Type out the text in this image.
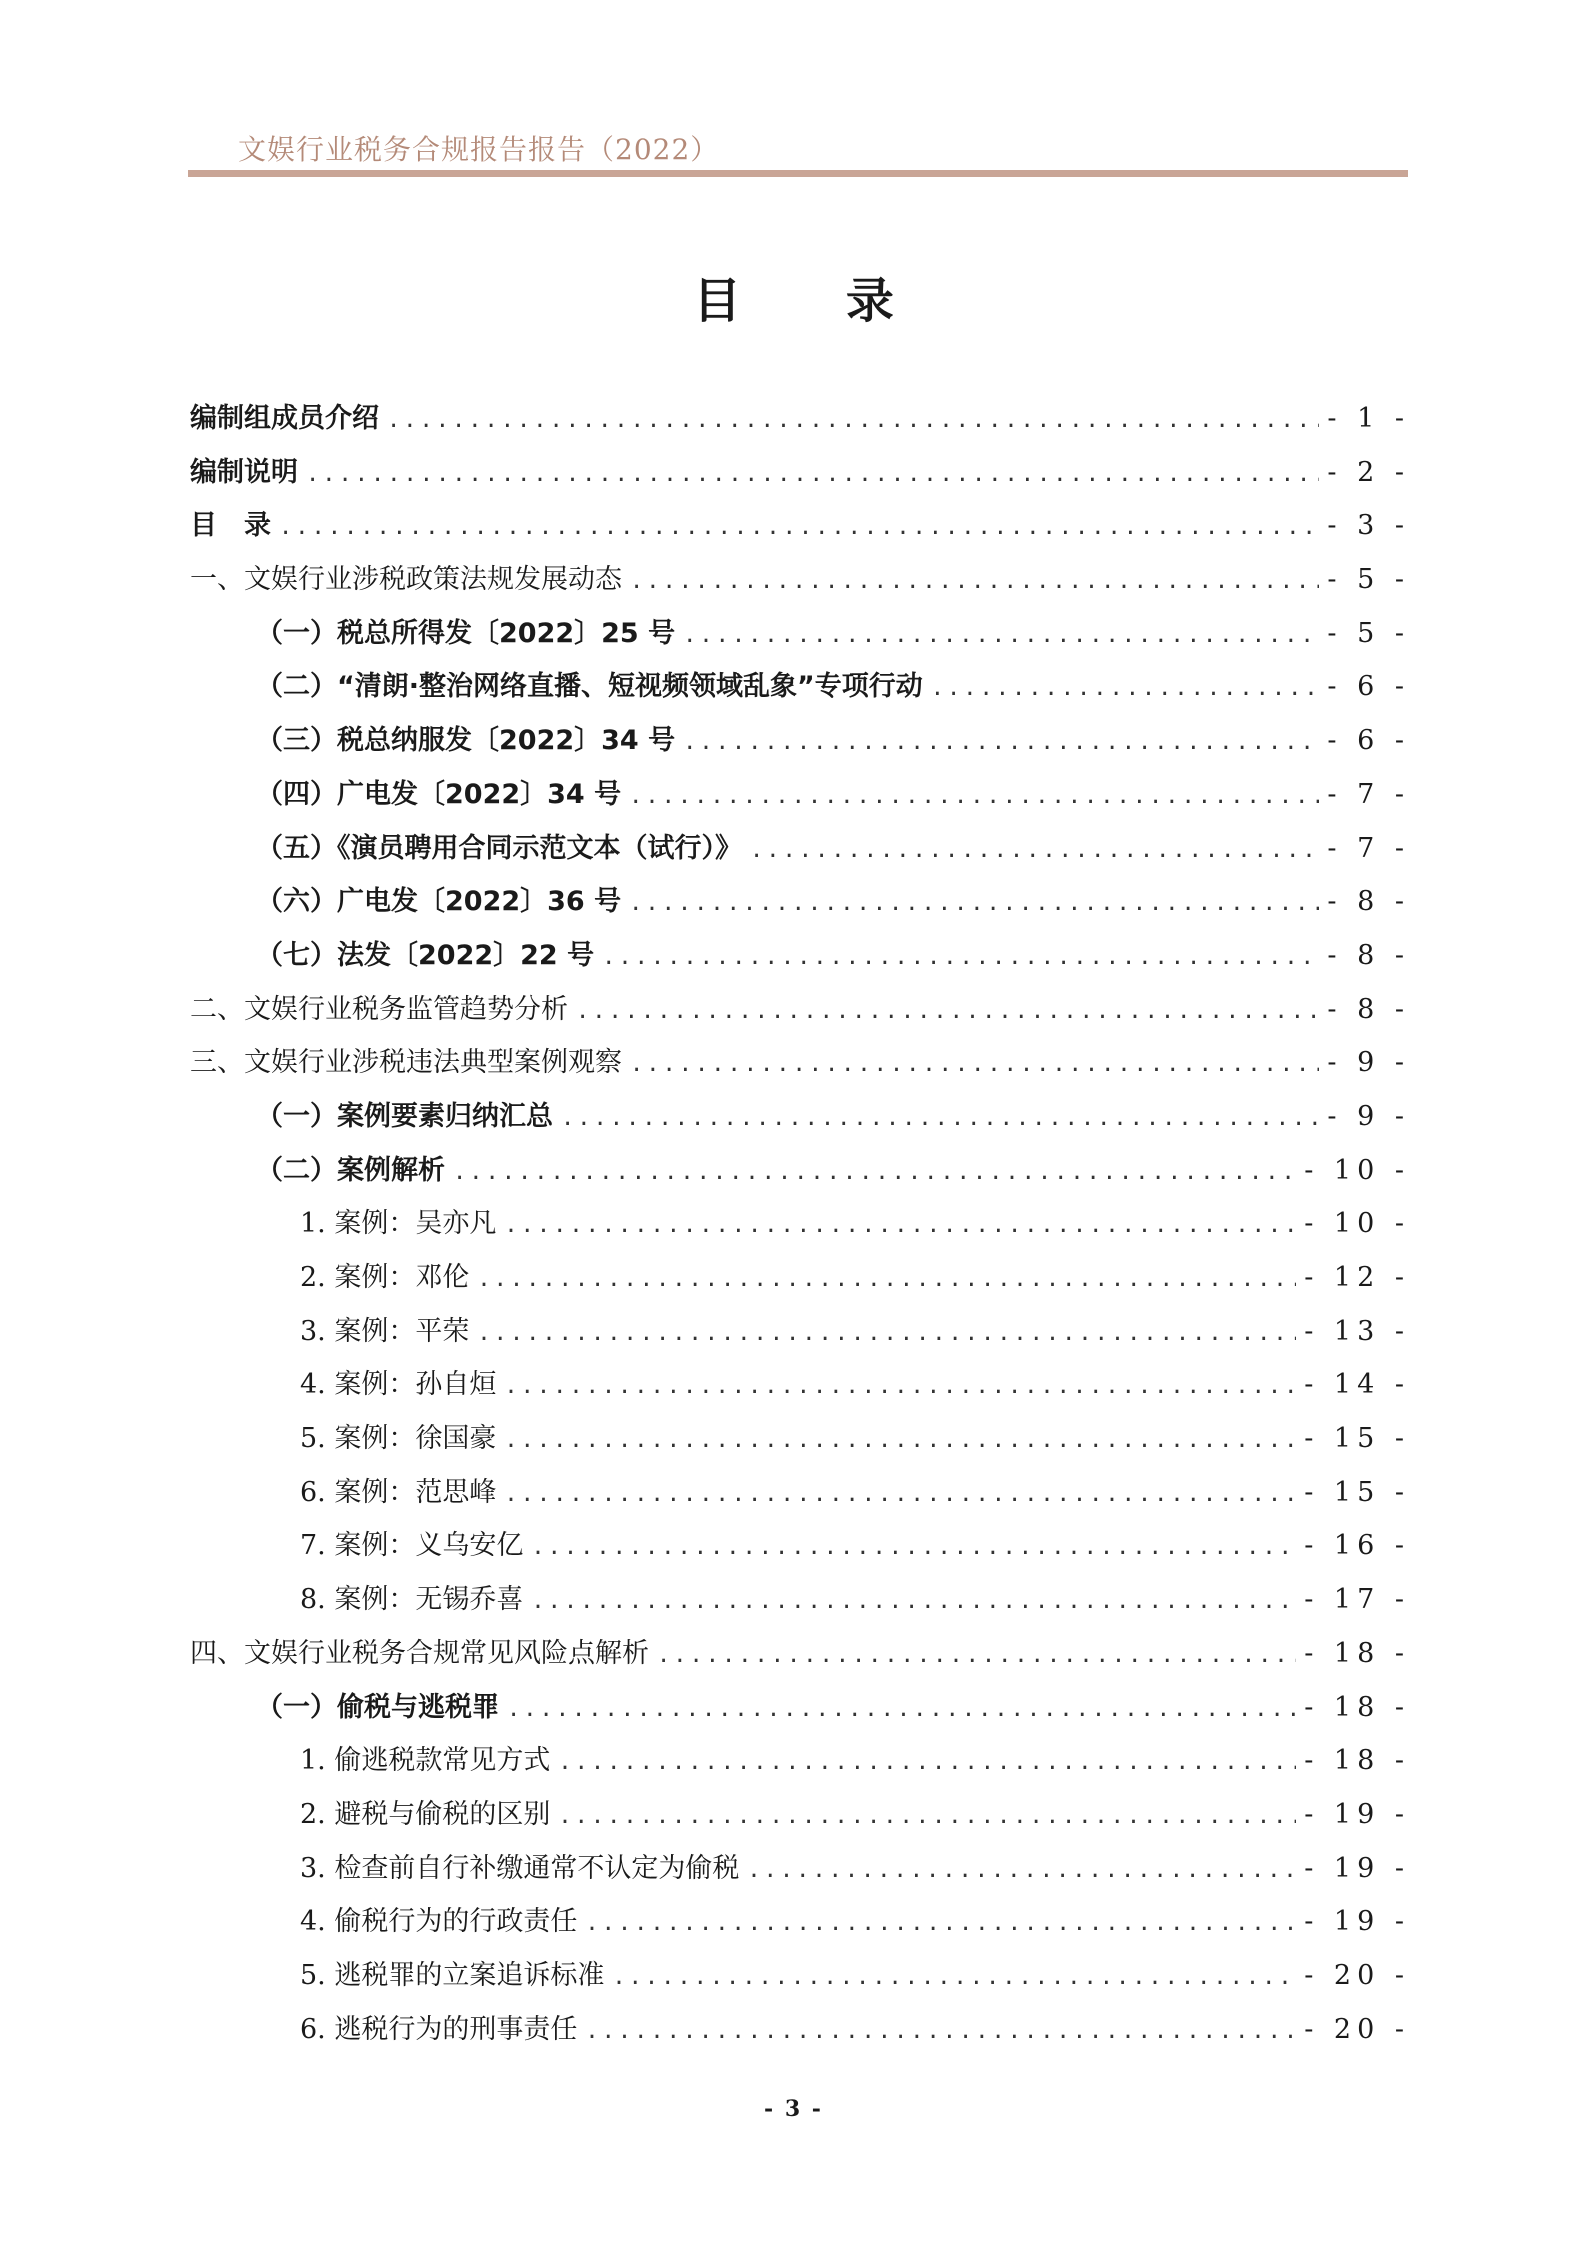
文娱行业税务合规报告报告（2022）
目 录
编制组成员介绍 .....	- 1 -
编制说明 .....	- 2 -
目　录 .....	- 3 -
一、文娱行业涉税政策法规发展动态 .....	- 5 -
（一）税总所得发〔2022〕25 号 .....	- 5 -
（二）“清朗·整治网络直播、短视频领域乱象”专项行动 .....	- 6 -
（三）税总纳服发〔2022〕34 号 .....	- 6 -
（四）广电发〔2022〕34 号 .....	- 7 -
（五）《演员聘用合同示范文本（试行）》 .....	- 7 -
（六）广电发〔2022〕36 号 .....	- 8 -
（七）法发〔2022〕22 号 .....	- 8 -
二、文娱行业税务监管趋势分析 .....	- 8 -
三、文娱行业涉税违法典型案例观察 .....	- 9 -
（一）案例要素归纳汇总 .....	- 9 -
（二）案例解析 .....	- 10 -
1. 案例：吴亦凡 .....	- 10 -
2. 案例：邓伦 .....	- 12 -
3. 案例：平荣 .....	- 13 -
4. 案例：孙自烜 .....	- 14 -
5. 案例：徐国豪 .....	- 15 -
6. 案例：范思峰 .....	- 15 -
7. 案例：义乌安亿 .....	- 16 -
8. 案例：无锡乔喜 .....	- 17 -
四、文娱行业税务合规常见风险点解析 .....	- 18 -
（一）偷税与逃税罪 .....	- 18 -
1. 偷逃税款常见方式 .....	- 18 -
2. 避税与偷税的区别 .....	- 19 -
3. 检查前自行补缴通常不认定为偷税 .....	- 19 -
4. 偷税行为的行政责任 .....	- 19 -
5. 逃税罪的立案追诉标准 .....	- 20 -
6. 逃税行为的刑事责任 .....	- 20 -
- 3 -
